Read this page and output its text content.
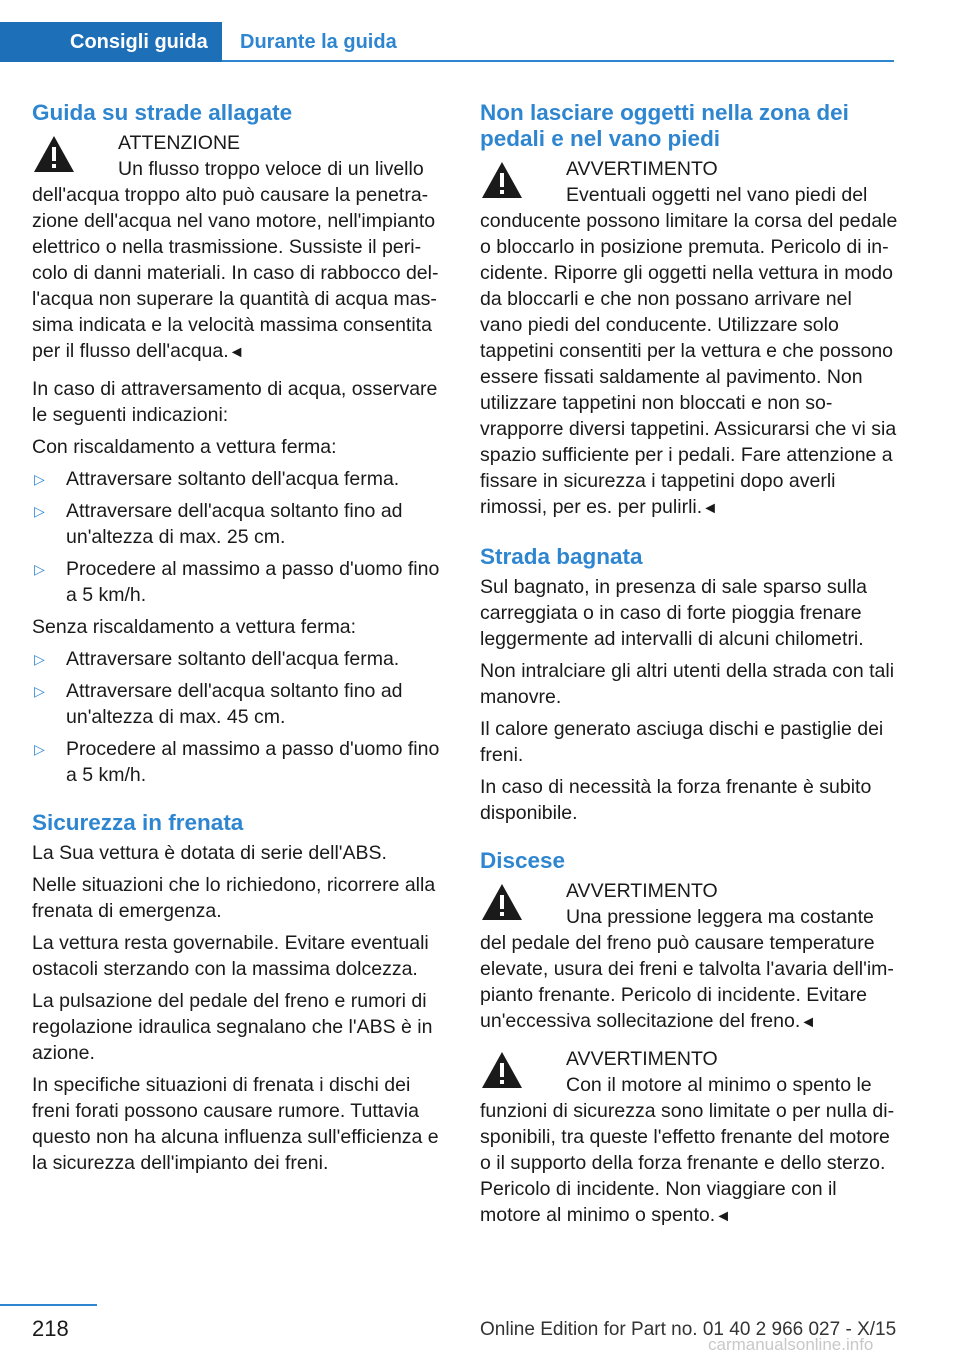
Consigli guida	Durante la guida
Guida su strade allagate
ATTENZIONE
Un flusso troppo veloce di un livello dell'acqua troppo alto può causare la penetrazione dell'acqua nel vano motore, nell'impianto elettrico o nella trasmissione. Sussiste il pericolo di danni materiali. In caso di rabbocco dell'acqua non superare la quantità di acqua massima indicata e la velocità massima consentita per il flusso dell'acqua.◄

In caso di attraversamento di acqua, osservare le seguenti indicazioni:

Con riscaldamento a vettura ferma:

▷ Attraversare soltanto dell'acqua ferma.
▷ Attraversare dell'acqua soltanto fino ad un'altezza di max. 25 cm.
▷ Procedere al massimo a passo d'uomo fino a 5 km/h.

Senza riscaldamento a vettura ferma:

▷ Attraversare soltanto dell'acqua ferma.
▷ Attraversare dell'acqua soltanto fino ad un'altezza di max. 45 cm.
▷ Procedere al massimo a passo d'uomo fino a 5 km/h.
Sicurezza in frenata

La Sua vettura è dotata di serie dell'ABS.

Nelle situazioni che lo richiedono, ricorrere alla frenata di emergenza.

La vettura resta governabile. Evitare eventuali ostacoli sterzando con la massima dolcezza.

La pulsazione del pedale del freno e rumori di regolazione idraulica segnalano che l'ABS è in azione.

In specifiche situazioni di frenata i dischi dei freni forati possono causare rumore. Tuttavia questo non ha alcuna influenza sull'efficienza e la sicurezza dell'impianto dei freni.

Non lasciare oggetti nella zona dei pedali e nel vano piedi
AVVERTIMENTO
Eventuali oggetti nel vano piedi del conducente possono limitare la corsa del pedale o bloccarlo in posizione premuta. Pericolo di incidente. Riporre gli oggetti nella vettura in modo da bloccarli e che non possano arrivare nel vano piedi del conducente. Utilizzare solo tappetini consentiti per la vettura e che possono essere fissati saldamente al pavimento. Non utilizzare tappetini non bloccati e non sovrapporre diversi tappetini. Assicurarsi che vi sia spazio sufficiente per i pedali. Fare attenzione a fissare in sicurezza i tappetini dopo averli rimossi, per es. per pulirli.◄
Strada bagnata

Sul bagnato, in presenza di sale sparso sulla carreggiata o in caso di forte pioggia frenare leggermente ad intervalli di alcuni chilometri.

Non intralciare gli altri utenti della strada con tali manovre.

Il calore generato asciuga dischi e pastiglie dei freni.

In caso di necessità la forza frenante è subito disponibile.

Discese
AVVERTIMENTO
Una pressione leggera ma costante del pedale del freno può causare temperature elevate, usura dei freni e talvolta l'avaria dell'impianto frenante. Pericolo di incidente. Evitare un'eccessiva sollecitazione del freno.◄
AVVERTIMENTO
Con il motore al minimo o spento le funzioni di sicurezza sono limitate o per nulla disponibili, tra queste l'effetto frenante del motore o il supporto della forza frenante e dello sterzo. Pericolo di incidente. Non viaggiare con il motore al minimo o spento.◄
218	Online Edition for Part no. 01 40 2 966 027 - X/15
carmanualsonline.info
